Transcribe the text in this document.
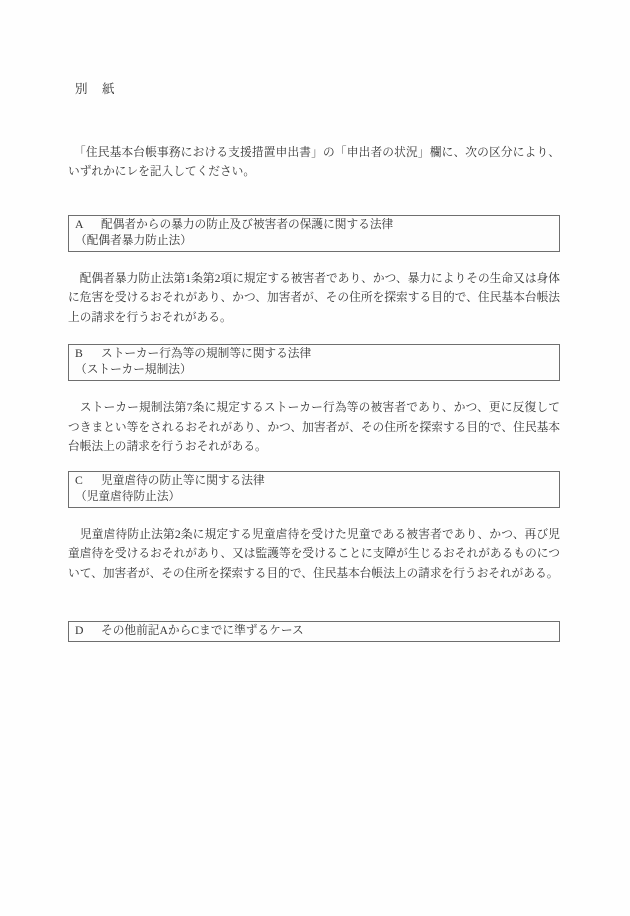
別　紙

　「住民基本台帳事務における支援措置申出書」の「申出者の状況」欄に、次の区分により、いずれかにレを記入してください。

A 配偶者からの暴力の防止及び被害者の保護に関する法律
（配偶者暴力防止法）

　配偶者暴力防止法第1条第2項に規定する被害者であり、かつ、暴力によりその生命又は身体に危害を受けるおそれがあり、かつ、加害者が、その住所を探索する目的で、住民基本台帳法上の請求を行うおそれがある。

B ストーカー行為等の規制等に関する法律
（ストーカー規制法）

　ストーカー規制法第7条に規定するストーカー行為等の被害者であり、かつ、更に反復してつきまとい等をされるおそれがあり、かつ、加害者が、その住所を探索する目的で、住民基本台帳法上の請求を行うおそれがある。

C 児童虐待の防止等に関する法律
（児童虐待防止法）

　児童虐待防止法第2条に規定する児童虐待を受けた児童である被害者であり、かつ、再び児童虐待を受けるおそれがあり、又は監護等を受けることに支障が生じるおそれがあるものについて、加害者が、その住所を探索する目的で、住民基本台帳法上の請求を行うおそれがある。

D その他前記AからCまでに準ずるケース
